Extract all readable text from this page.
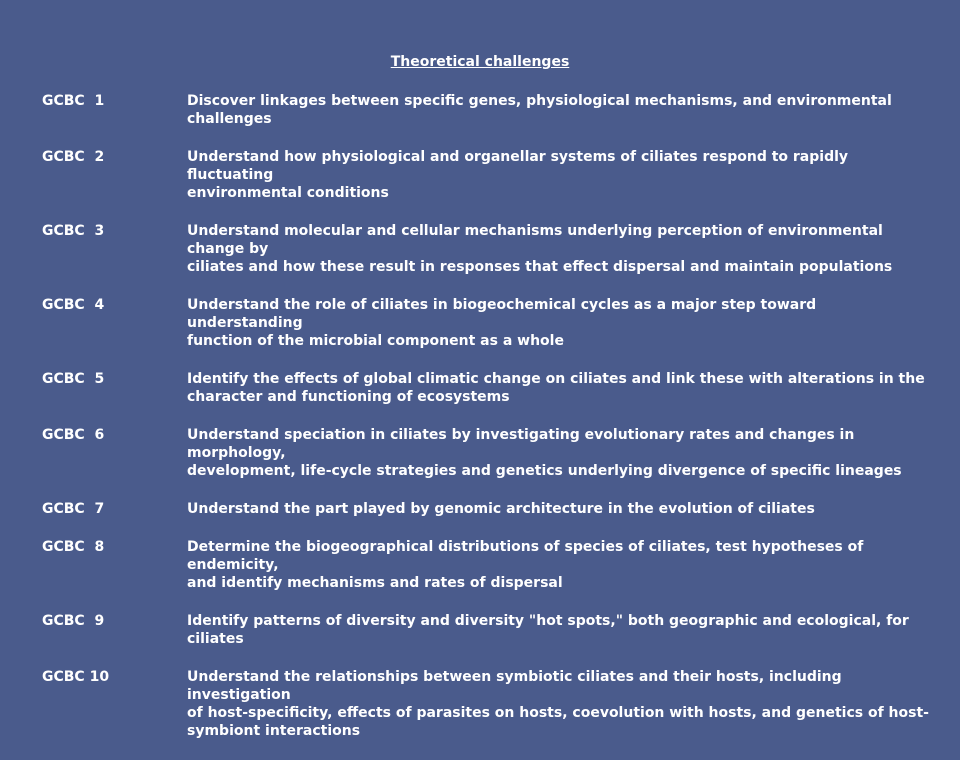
Theoretical challenges
GCBC  1	Discover linkages between specific genes, physiological mechanisms, and environmental
challenges
GCBC  2	Understand how physiological and organellar systems of ciliates respond to rapidly fluctuating
environmental conditions
GCBC  3	Understand molecular and cellular mechanisms underlying perception of environmental change by
ciliates and how these result in responses that effect dispersal and maintain populations
GCBC  4	Understand the role of ciliates in biogeochemical cycles as a major step toward understanding
function of the microbial component as a whole
GCBC  5	Identify the effects of global climatic change on ciliates and link these with alterations in the
character and functioning of ecosystems
GCBC  6	Understand speciation in ciliates by investigating evolutionary rates and changes in morphology,
development, life-cycle strategies and genetics underlying divergence of specific lineages
GCBC  7	Understand the part played by genomic architecture in the evolution of ciliates
GCBC  8	Determine the biogeographical distributions of species of ciliates, test hypotheses of endemicity,
and identify mechanisms and rates of dispersal
GCBC  9	Identify patterns of diversity and diversity "hot spots," both geographic and ecological, for
ciliates
GCBC 10	Understand the relationships between symbiotic ciliates and their hosts, including investigation
of host-specificity, effects of parasites on hosts, coevolution with hosts, and genetics of host-
symbiont interactions
